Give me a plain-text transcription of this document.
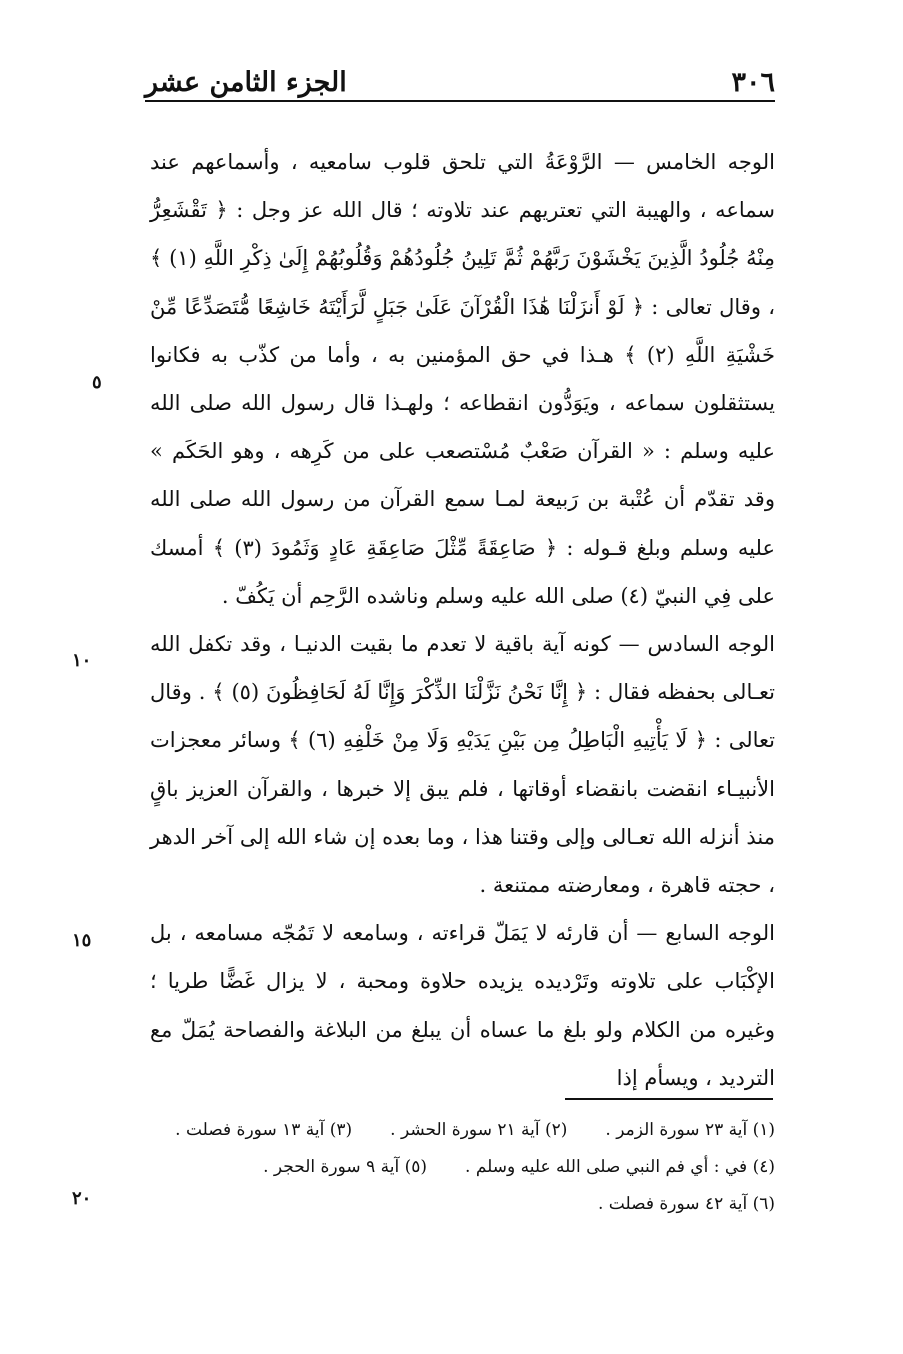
٣٠٦
الجزء الثامن عشر
٥
١٠
١٥
٢٠

الوجه الخامس — الرَّوْعَةُ التي تلحق قلوب سامعيه ، وأسماعهم عند سماعه ، والهيبة التي تعتريهم عند تلاوته ؛ قال الله عز وجل : ﴿ تَقْشَعِرُّ مِنْهُ جُلُودُ الَّذِينَ يَخْشَوْنَ رَبَّهُمْ ثُمَّ تَلِينُ جُلُودُهُمْ وَقُلُوبُهُمْ إِلَىٰ ذِكْرِ اللَّهِ (١) ﴾ ، وقال تعالى : ﴿ لَوْ أَنزَلْنَا هَٰذَا الْقُرْآنَ عَلَىٰ جَبَلٍ لَّرَأَيْتَهُ خَاشِعًا مُّتَصَدِّعًا مِّنْ خَشْيَةِ اللَّهِ (٢) ﴾ هـذا في حق المؤمنين به ، وأما من كذّب به فكانوا يستثقلون سماعه ، ويَوَدُّون انقطاعه ؛ ولهـذا قال رسول الله صلى الله عليه وسلم : « القرآن صَعْبٌ مُسْتصعب على من كَرِهه ، وهو الحَكَم » وقد تقدّم أن عُتْبة بن رَبيعة لمـا سمع القرآن من رسول الله صلى الله عليه وسلم وبلغ قـوله : ﴿ صَاعِقَةً مِّثْلَ صَاعِقَةِ عَادٍ وَثَمُودَ (٣) ﴾ أمسك على فِي النبيّ (٤) صلى الله عليه وسلم وناشده الرَّحِم أن يَكُفّ .

الوجه السادس — كونه آية باقية لا تعدم ما بقيت الدنيـا ، وقد تكفل الله تعـالى بحفظه فقال : ﴿ إِنَّا نَحْنُ نَزَّلْنَا الذِّكْرَ وَإِنَّا لَهُ لَحَافِظُونَ (٥) ﴾ . وقال تعالى : ﴿ لَا يَأْتِيهِ الْبَاطِلُ مِن بَيْنِ يَدَيْهِ وَلَا مِنْ خَلْفِهِ (٦) ﴾ وسائر معجزات الأنبيـاء انقضت بانقضاء أوقاتها ، فلم يبق إلا خبرها ، والقرآن العزيز باقٍ منذ أنزله الله تعـالى وإلى وقتنا هذا ، وما بعده إن شاء الله إلى آخر الدهر ، حجته قاهرة ، ومعارضته ممتنعة .

الوجه السابع — أن قارئه لا يَمَلّ قراءته ، وسامعه لا تَمُجّه مسامعه ، بل الإكْبَاب على تلاوته وتَرْديده يزيده حلاوة ومحبة ، لا يزال غَضًّا طريا ؛ وغيره من الكلام ولو بلغ ما عساه أن يبلغ من البلاغة والفصاحة يُمَلّ مع الترديد ، ويسأم إذا

(١) آية ٢٣ سورة الزمر .
(٢) آية ٢١ سورة الحشر .
(٣) آية ١٣ سورة فصلت .
(٤) في : أي فم النبي صلى الله عليه وسلم .
(٥) آية ٩ سورة الحجر .
(٦) آية ٤٢ سورة فصلت .
